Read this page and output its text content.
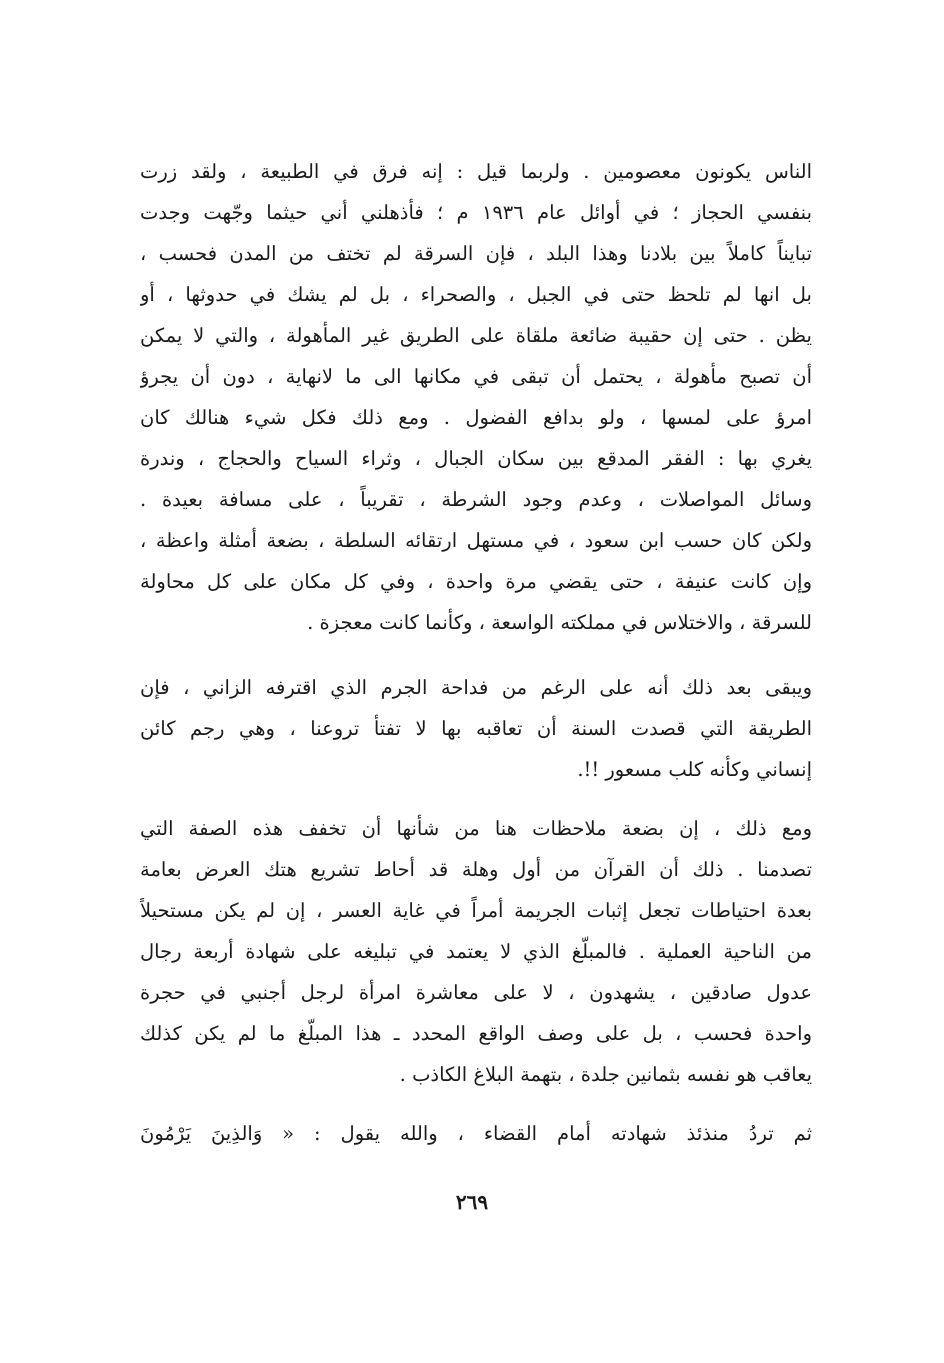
الناس يكونون معصومين . ولربما قيل : إنه فرق في الطبيعة ، ولقد زرت
بنفسي الحجاز ؛ في أوائل عام ١٩٣٦ م ؛ فأذهلني أني حيثما وجّهت وجدت
تبايناً كاملاً بين بلادنا وهذا البلد ، فإن السرقة لم تختف من المدن فحسب ،
بل انها لم تلحظ حتى في الجبل ، والصحراء ، بل لم يشك في حدوثها ، أو
يظن . حتى إن حقيبة ضائعة ملقاة على الطريق غير المأهولة ، والتي لا يمكن
أن تصبح مأهولة ، يحتمل أن تبقى في مكانها الى ما لانهاية ، دون أن يجرؤ
امرؤ على لمسها ، ولو بدافع الفضول . ومع ذلك فكل شيء هنالك كان
يغري بها : الفقر المدقع بين سكان الجبال ، وثراء السياح والحجاج ، وندرة
وسائل المواصلات ، وعدم وجود الشرطة ، تقريباً ، على مسافة بعيدة .
ولكن كان حسب ابن سعود ، في مستهل ارتقائه السلطة ، بضعة أمثلة واعظة ،
وإن كانت عنيفة ، حتى يقضي مرة واحدة ، وفي كل مكان على كل محاولة
للسرقة ، والاختلاس في مملكته الواسعة ، وكأنما كانت معجزة .
ويبقى بعد ذلك أنه على الرغم من فداحة الجرم الذي اقترفه الزاني ، فإن
الطريقة التي قصدت السنة أن تعاقبه بها لا تفتأ تروعنا ، وهي رجم كائن
إنساني وكأنه كلب مسعور !!.
ومع ذلك ، إن بضعة ملاحظات هنا من شأنها أن تخفف هذه الصفة التي
تصدمنا . ذلك أن القرآن من أول وهلة قد أحاط تشريع هتك العرض بعامة
بعدة احتياطات تجعل إثبات الجريمة أمراً في غاية العسر ، إن لم يكن مستحيلاً
من الناحية العملية . فالمبلّغ الذي لا يعتمد في تبليغه على شهادة أربعة رجال
عدول صادقين ، يشهدون ، لا على معاشرة امرأة لرجل أجنبي في حجرة
واحدة فحسب ، بل على وصف الواقع المحدد ـ هذا المبلّغ ما لم يكن كذلك
يعاقب هو نفسه بثمانين جلدة ، بتهمة البلاغ الكاذب .
ثم تردُ منذئذ شهادته أمام القضاء ، والله يقول : « وَالذِينَ يَرْمُونَ
٢٦٩
